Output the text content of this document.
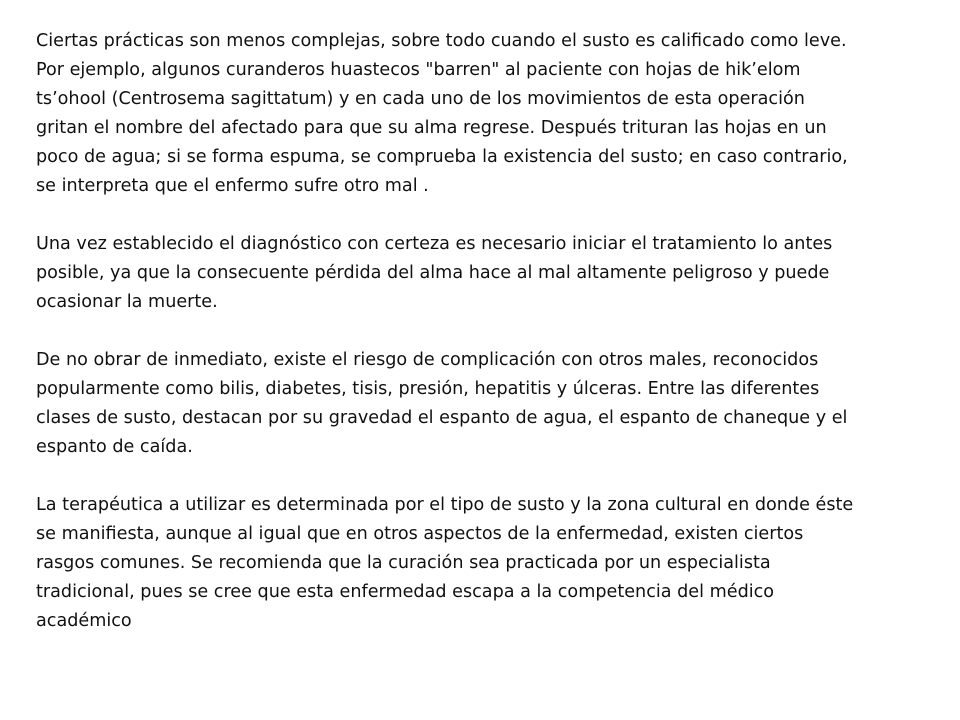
Ciertas prácticas son menos complejas, sobre todo cuando el susto es calificado como leve.
Por ejemplo, algunos curanderos huastecos "barren" al paciente con hojas de hik’elom
ts’ohool (Centrosema sagittatum) y en cada uno de los movimientos de esta operación
gritan el nombre del afectado para que su alma regrese. Después trituran las hojas en un
poco de agua; si se forma espuma, se comprueba la existencia del susto; en caso contrario,
se interpreta que el enfermo sufre otro mal .

Una vez establecido el diagnóstico con certeza es necesario iniciar el tratamiento lo antes
posible, ya que la consecuente pérdida del alma hace al mal altamente peligroso y puede
ocasionar la muerte.

De no obrar de inmediato, existe el riesgo de complicación con otros males, reconocidos
popularmente como bilis, diabetes, tisis, presión, hepatitis y úlceras. Entre las diferentes
clases de susto, destacan por su gravedad el espanto de agua, el espanto de chaneque y el
espanto de caída.

La terapéutica a utilizar es determinada por el tipo de susto y la zona cultural en donde éste
se manifiesta, aunque al igual que en otros aspectos de la enfermedad, existen ciertos
rasgos comunes. Se recomienda que la curación sea practicada por un especialista
tradicional, pues se cree que esta enfermedad escapa a la competencia del médico
académico
